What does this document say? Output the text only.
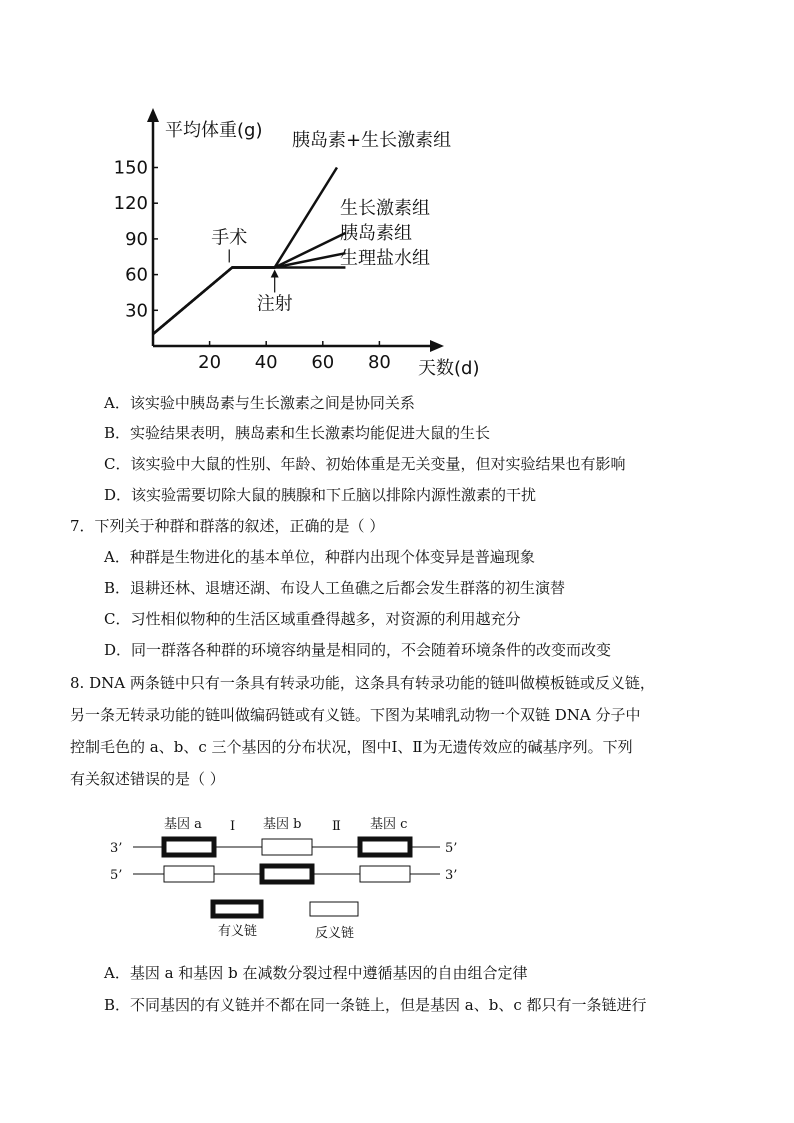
150
120
90
60
30
20 40 60 80
平均体重(g)
天数(d)
胰岛素+生长激素组
生长激素组
胰岛素组
生理盐水组
手术
注射
A．该实验中胰岛素与生长激素之间是协同关系
B．实验结果表明，胰岛素和生长激素均能促进大鼠的生长
C．该实验中大鼠的性别、年龄、初始体重是无关变量，但对实验结果也有影响
D．该实验需要切除大鼠的胰腺和下丘脑以排除内源性激素的干扰
7．下列关于种群和群落的叙述，正确的是（ ）
A．种群是生物进化的基本单位，种群内出现个体变异是普遍现象
B．退耕还林、退塘还湖、布设人工鱼礁之后都会发生群落的初生演替
C．习性相似物种的生活区域重叠得越多，对资源的利用越充分
D．同一群落各种群的环境容纳量是相同的，不会随着环境条件的改变而改变
8. DNA 两条链中只有一条具有转录功能，这条具有转录功能的链叫做模板链或反义链，
另一条无转录功能的链叫做编码链或有义链。下图为某哺乳动物一个双链 DNA 分子中
控制毛色的 a、b、c 三个基因的分布状况，图中Ⅰ、Ⅱ为无遗传效应的碱基序列。下列
有关叙述错误的是（ ）
基因 a Ⅰ 基因 b Ⅱ 基因 c
3’	5’
5’	3’
有义链	反义链
A．基因 a 和基因 b 在减数分裂过程中遵循基因的自由组合定律
B．不同基因的有义链并不都在同一条链上，但是基因 a、b、c 都只有一条链进行
